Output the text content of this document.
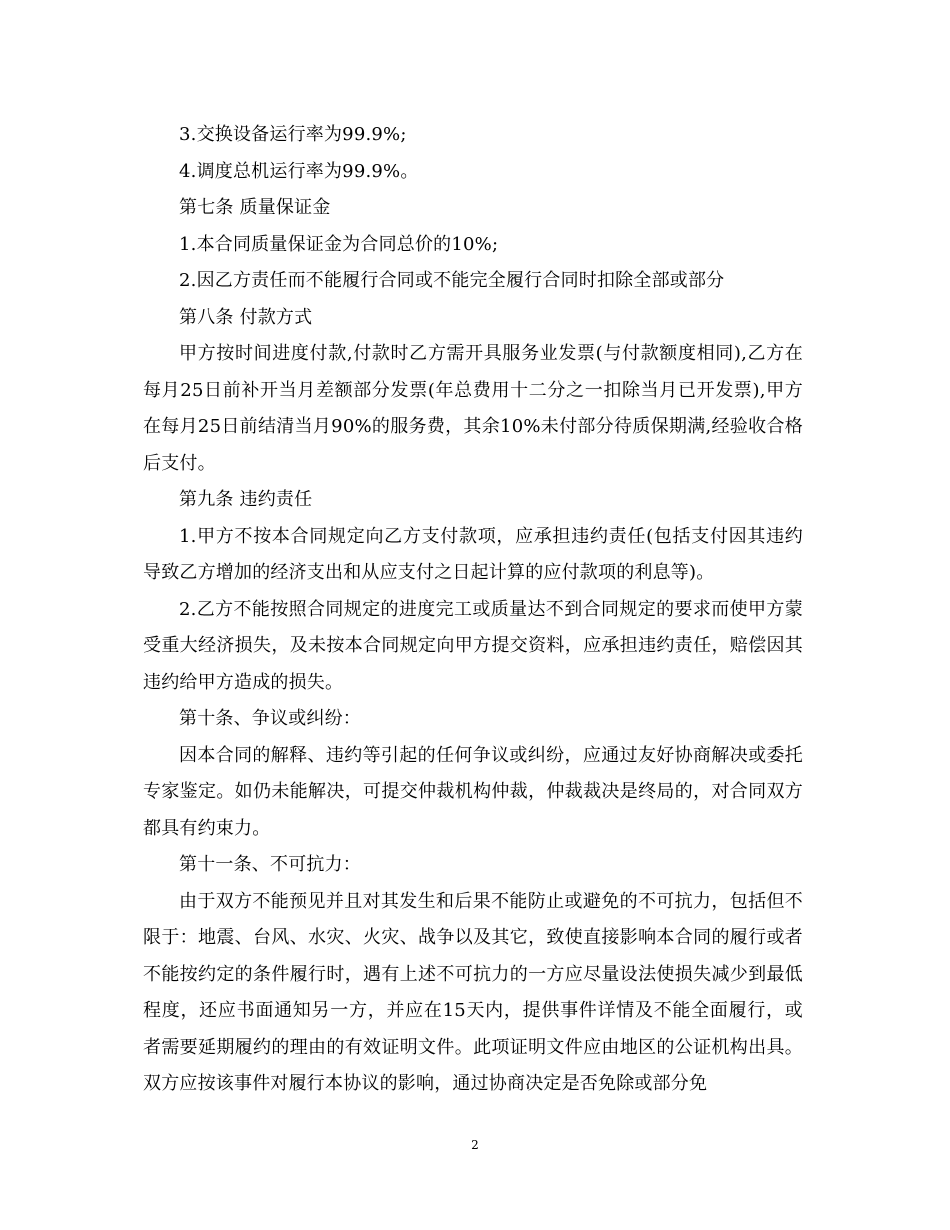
3.交换设备运行率为99.9%;

4.调度总机运行率为99.9%。

第七条 质量保证金

1.本合同质量保证金为合同总价的10%;

2.因乙方责任而不能履行合同或不能完全履行合同时扣除全部或部分

第八条 付款方式

甲方按时间进度付款,付款时乙方需开具服务业发票(与付款额度相同),乙方在每月25日前补开当月差额部分发票(年总费用十二分之一扣除当月已开发票),甲方在每月25日前结清当月90%的服务费，其余10%未付部分待质保期满,经验收合格后支付。

第九条 违约责任

1.甲方不按本合同规定向乙方支付款项，应承担违约责任(包括支付因其违约导致乙方增加的经济支出和从应支付之日起计算的应付款项的利息等)。

2.乙方不能按照合同规定的进度完工或质量达不到合同规定的要求而使甲方蒙受重大经济损失，及未按本合同规定向甲方提交资料，应承担违约责任，赔偿因其违约给甲方造成的损失。

第十条、争议或纠纷：

因本合同的解释、违约等引起的任何争议或纠纷，应通过友好协商解决或委托专家鉴定。如仍未能解决，可提交仲裁机构仲裁，仲裁裁决是终局的，对合同双方都具有约束力。

第十一条、不可抗力：

由于双方不能预见并且对其发生和后果不能防止或避免的不可抗力，包括但不限于：地震、台风、水灾、火灾、战争以及其它，致使直接影响本合同的履行或者不能按约定的条件履行时，遇有上述不可抗力的一方应尽量设法使损失减少到最低程度，还应书面通知另一方，并应在15天内，提供事件详情及不能全面履行，或者需要延期履约的理由的有效证明文件。此项证明文件应由地区的公证机构出具。双方应按该事件对履行本协议的影响，通过协商决定是否免除或部分免

2
